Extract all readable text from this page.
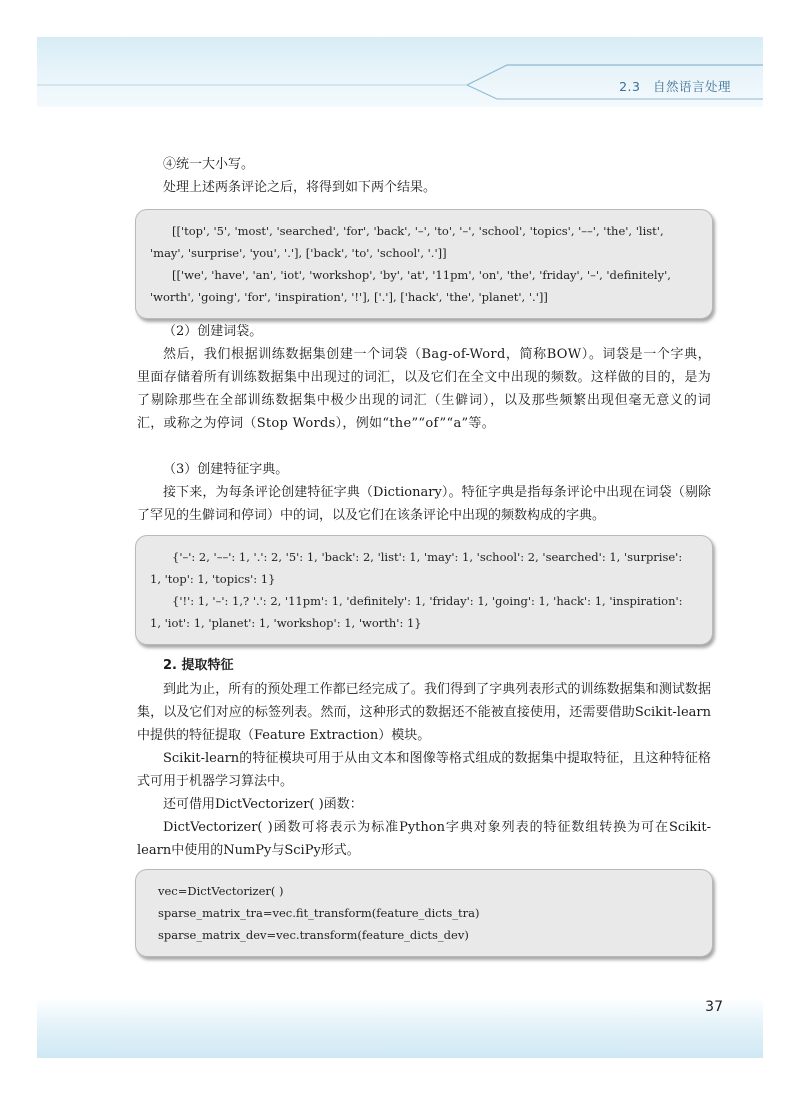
2.3 自然语言处理

④统一大小写。

处理上述两条评论之后，将得到如下两个结果。

[['top', '5', 'most', 'searched', 'for', 'back', '–', 'to', '–', 'school', 'topics', '––', 'the', 'list',
'may', 'surprise', 'you', '.'], ['back', 'to', 'school', '.']]
[['we', 'have', 'an', 'iot', 'workshop', 'by', 'at', '11pm', 'on', 'the', 'friday', '–', 'definitely',
'worth', 'going', 'for', 'inspiration', '!'], ['.'], ['hack', 'the', 'planet', '.']]

（2）创建词袋。

然后，我们根据训练数据集创建一个词袋（Bag-of-Word，简称BOW）。词袋是一个字典，里面存储着所有训练数据集中出现过的词汇，以及它们在全文中出现的频数。这样做的目的，是为了剔除那些在全部训练数据集中极少出现的词汇（生僻词），以及那些频繁出现但毫无意义的词汇，或称之为停词（Stop Words），例如“the”“of”“a”等。

（3）创建特征字典。

接下来，为每条评论创建特征字典（Dictionary）。特征字典是指每条评论中出现在词袋（剔除了罕见的生僻词和停词）中的词，以及它们在该条评论中出现的频数构成的字典。

{'–': 2, '––': 1, '.': 2, '5': 1, 'back': 2, 'list': 1, 'may': 1, 'school': 2, 'searched': 1, 'surprise':
1, 'top': 1, 'topics': 1}
{'!': 1, '–': 1,? '.': 2, '11pm': 1, 'definitely': 1, 'friday': 1, 'going': 1, 'hack': 1, 'inspiration':
1, 'iot': 1, 'planet': 1, 'workshop': 1, 'worth': 1}

2. 提取特征

到此为止，所有的预处理工作都已经完成了。我们得到了字典列表形式的训练数据集和测试数据集，以及它们对应的标签列表。然而，这种形式的数据还不能被直接使用，还需要借助Scikit-learn中提供的特征提取（Feature Extraction）模块。

Scikit-learn的特征模块可用于从由文本和图像等格式组成的数据集中提取特征，且这种特征格式可用于机器学习算法中。

还可借用DictVectorizer( )函数：

DictVectorizer( )函数可将表示为标准Python字典对象列表的特征数组转换为可在Scikit-learn中使用的NumPy与SciPy形式。

vec=DictVectorizer( )
sparse_matrix_tra=vec.fit_transform(feature_dicts_tra)
sparse_matrix_dev=vec.transform(feature_dicts_dev)
37
